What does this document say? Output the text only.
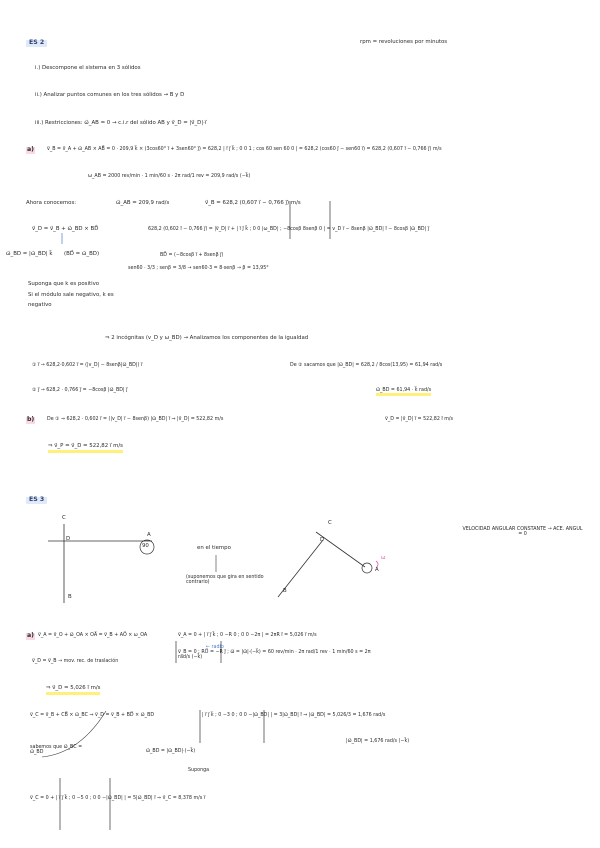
ES 2	rpm = revoluciones por minutos
i.) Descompone el sistema en 3 sólidos
ii.) Analizar puntos comunes en los tres sólidos → B y D
iii.) Restricciones: ω⃗_AB = 0 → c.i.r del sólido AB y v⃗_D = |v⃗_D|·i⃗
a)	v⃗_B = v⃗_A + ω⃗_AB × AB⃗ = 0 · 209,9 k⃗ × (3cos60° i⃗ + 3sen60° j⃗) = 628,2 | i⃗ j⃗ k⃗ ; 0 0 1 ; cos 60 sen 60 0 | = 628,2 (cos60 j⃗ − sen60 i⃗) = 628,2 (0,607 i⃗ − 0,766 j⃗) m/s
ω_AB = 2000 rev/min · 1 min/60 s · 2π rad/1 rev = 209,9 rad/s (−k⃗)
Ahora conocemos:	ω⃗_AB = 209,9 rad/s	v⃗_B = 628,2 (0,607 i⃗ − 0,766 j⃗) m/s
v⃗_D = v⃗_B + ω⃗_BD × BD⃗	628,2 (0,602 i⃗ − 0,766 j⃗) = |v⃗_D| i⃗ + | i⃗ j⃗ k⃗ ; 0 0 |ω_BD| ; −8cosβ 8senβ 0 | = v_D i⃗ − 8senβ |ω⃗_BD| i⃗ − 8cosβ |ω⃗_BD| j⃗
ω⃗_BD = |ω⃗_BD| k⃗ (BD⃗ = ω⃗_BD)	BD⃗ = (−8cosβ i⃗ + 8senβ j⃗)
sen60 · 3/3 ; senβ = 3/8 → sen60·3 = 8·senβ → β = 13,95°
Suponga que k es positivo
Si el módulo sale negativo, k es
negativo
⇒ 2 incógnitas (v_D y ω_BD) → Analizamos los componentes de la igualdad
① i⃗ → 628,2·0,602 i⃗ = (|v_D| − 8senβ|ω⃗_BD|) i⃗	De ② sacamos que |ω⃗_BD| = 628,2 / 8cos(13,95) = 61,94 rad/s
② j⃗ → 628,2 · 0,766 j⃗ = −8cosβ |ω⃗_BD| j⃗	ω⃗_BD = 61,94 · k⃗ rad/s
b)	De ① ⇒ 628,2 · 0,602 i⃗ = (|v_D| i⃗ − 8senβ) |ω⃗_BD| i⃗ ⇒ |v⃗_D| = 522,82 m/s	v⃗_D = |v⃗_D| i⃗ = 522,82 i⃗ m/s
⇒ v⃗_P = v⃗_D = 522,82 i⃗ m/s
ES 3
C
D
B
A
90	en el tiempo
(suponemos que gira en sentido contrario)
C
D
B
A
ω
VELOCIDAD ANGULAR CONSTANTE → ACE. ANGUL = 0
a) v⃗_A = v⃗_O + ω⃗_OA × OA⃗ = v⃗_B + AO⃗ × ω_OA	v⃗_A = 0 + | i⃗ j⃗ k⃗ ; 0 −R 0 ; 0 0 −2π | = 2πR i⃗ = 5,026 i⃗ m/s
v⃗_B = 0 ; RO⃗ = −R j⃗ ; ω⃗ = |ω⃗|·(−k⃗) = 60 rev/min · 2π rad/1 rev · 1 min/60 s = 2π rad/s (−k⃗)
← radio
v⃗_D = v⃗_B → mov. rec. de traslación
⇒ v⃗_D = 5,026 i⃗ m/s
v⃗_C = v⃗_B + CB⃗ × ω⃗_BC ⇒ v⃗_D = v⃗_B + BD⃗ × ω⃗_BD	| i⃗ j⃗ k⃗ ; 0 −3 0 ; 0 0 −|ω⃗_BD| | = 3|ω⃗_BD| i⃗ ⇒ |ω⃗_BD| = 5,026/3 = 1,676 rad/s
|ω⃗_BD| = 1,676 rad/s (−k⃗)
sabemos que ω⃗_BC = ω⃗_BD	ω⃗_BD = |ω⃗_BD|·(−k⃗)
Suponga
v⃗_C = 0 + | i⃗ j⃗ k⃗ ; 0 −5 0 ; 0 0 −|ω⃗_BD| | = 5|ω⃗_BD| i⃗ ⇒ v⃗_C = 8,378 m/s i⃗
